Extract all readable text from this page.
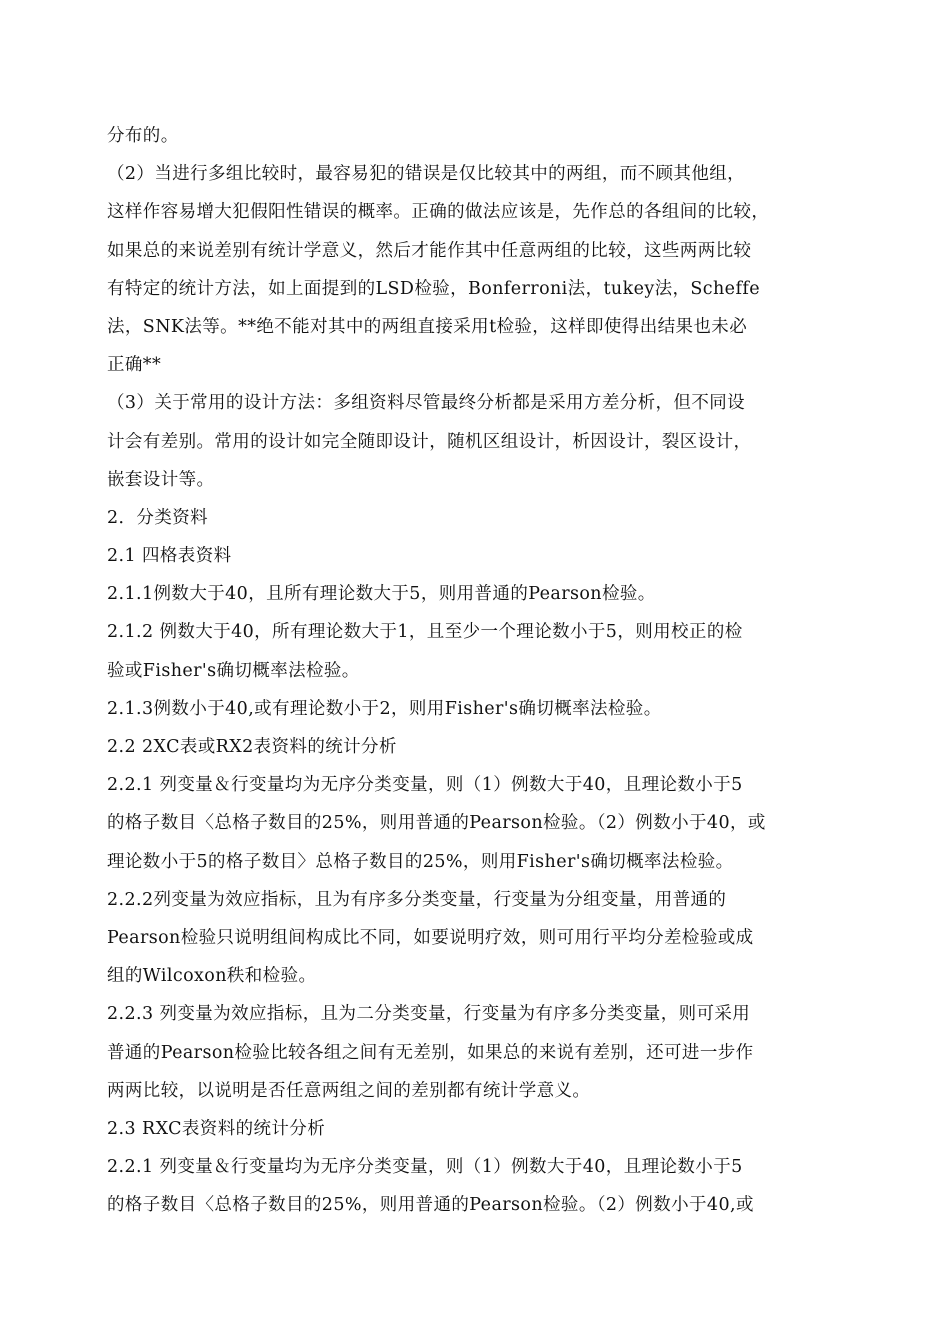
分布的。
（2）当进行多组比较时，最容易犯的错误是仅比较其中的两组，而不顾其他组，
这样作容易增大犯假阳性错误的概率。正确的做法应该是，先作总的各组间的比较，
如果总的来说差别有统计学意义，然后才能作其中任意两组的比较，这些两两比较
有特定的统计方法，如上面提到的LSD检验，Bonferroni法，tukey法，Scheffe
法，SNK法等。**绝不能对其中的两组直接采用t检验，这样即使得出结果也未必
正确**
（3）关于常用的设计方法：多组资料尽管最终分析都是采用方差分析，但不同设
计会有差别。常用的设计如完全随即设计，随机区组设计，析因设计，裂区设计，
嵌套设计等。
2．分类资料
2.1 四格表资料
2.1.1例数大于40，且所有理论数大于5，则用普通的Pearson检验。
2.1.2 例数大于40，所有理论数大于1，且至少一个理论数小于5，则用校正的检
验或Fisher's确切概率法检验。
2.1.3例数小于40,或有理论数小于2，则用Fisher's确切概率法检验。
2.2 2XC表或RX2表资料的统计分析
2.2.1 列变量＆行变量均为无序分类变量，则（1）例数大于40，且理论数小于5
的格子数目〈总格子数目的25%，则用普通的Pearson检验。（2）例数小于40，或
理论数小于5的格子数目〉总格子数目的25%，则用Fisher's确切概率法检验。
2.2.2列变量为效应指标，且为有序多分类变量，行变量为分组变量，用普通的
Pearson检验只说明组间构成比不同，如要说明疗效，则可用行平均分差检验或成
组的Wilcoxon秩和检验。
2.2.3 列变量为效应指标，且为二分类变量，行变量为有序多分类变量，则可采用
普通的Pearson检验比较各组之间有无差别，如果总的来说有差别，还可进一步作
两两比较，以说明是否任意两组之间的差别都有统计学意义。
2.3 RXC表资料的统计分析
2.2.1 列变量＆行变量均为无序分类变量，则（1）例数大于40，且理论数小于5
的格子数目〈总格子数目的25%，则用普通的Pearson检验。（2）例数小于40,或
